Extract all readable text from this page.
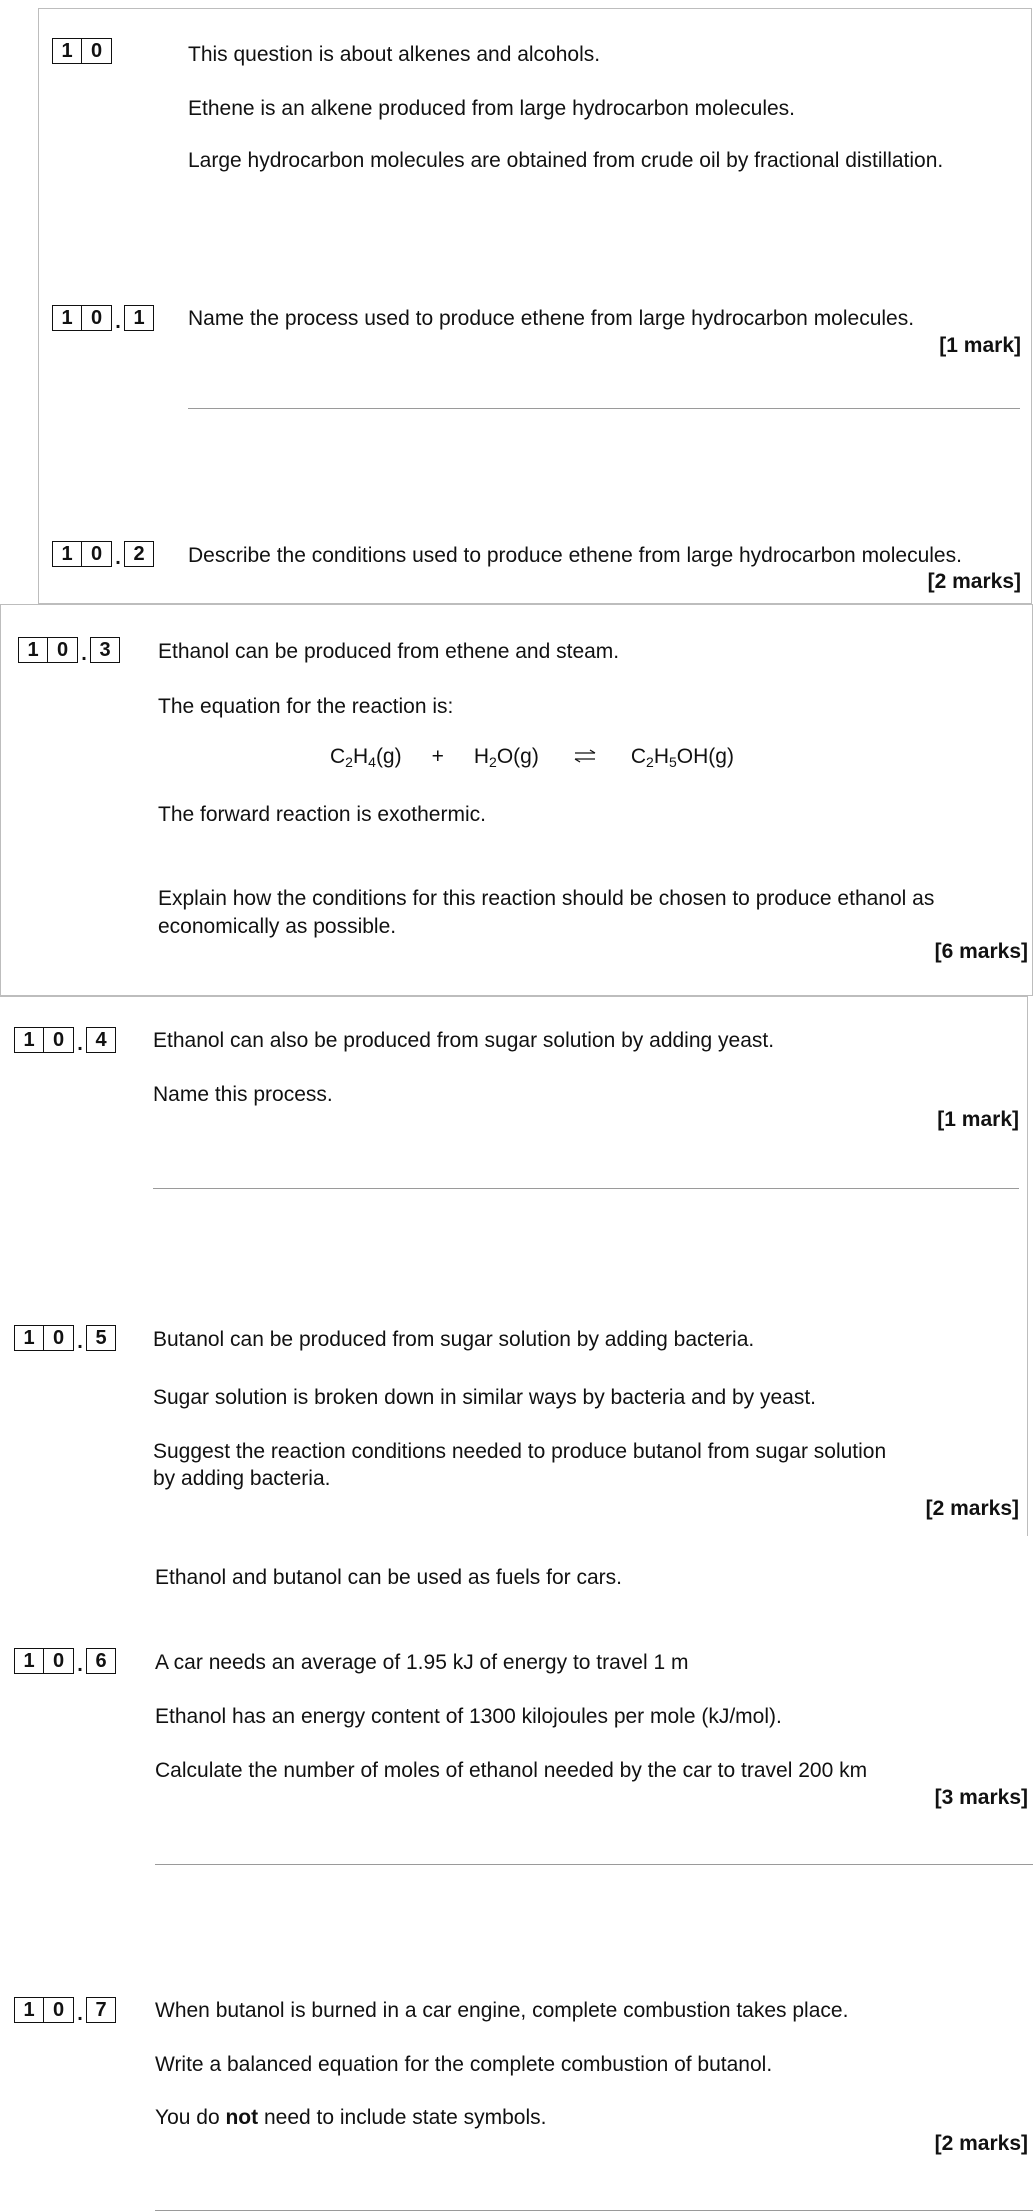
1 0	This question is about alkenes and alcohols.
Ethene is an alkene produced from large hydrocarbon molecules.
Large hydrocarbon molecules are obtained from crude oil by fractional distillation.
1 0 . 1	Name the process used to produce ethene from large hydrocarbon molecules.
[1 mark]
1 0 . 2	Describe the conditions used to produce ethene from large hydrocarbon molecules.
[2 marks]
1 0 . 3	Ethanol can be produced from ethene and steam.
The equation for the reaction is:
$C_2H_4(g) + H_2O(g)$	$C_2H_5OH(g)$
The forward reaction is exothermic.
Explain how the conditions for this reaction should be chosen to produce ethanol as
economically as possible.
[6 marks]
1 0 . 4	Ethanol can also be produced from sugar solution by adding yeast.
Name this process.
[1 mark]
1 0 . 5	Butanol can be produced from sugar solution by adding bacteria.
Sugar solution is broken down in similar ways by bacteria and by yeast.
Suggest the reaction conditions needed to produce butanol from sugar solution
by adding bacteria.
[2 marks]
Ethanol and butanol can be used as fuels for cars.
1 0 . 6	A car needs an average of 1.95 kJ of energy to travel 1 m
Ethanol has an energy content of 1300 kilojoules per mole (kJ/mol).
Calculate the number of moles of ethanol needed by the car to travel 200 km
[3 marks]
1 0 . 7	When butanol is burned in a car engine, complete combustion takes place.
Write a balanced equation for the complete combustion of butanol.
You do not need to include state symbols.
[2 marks]
